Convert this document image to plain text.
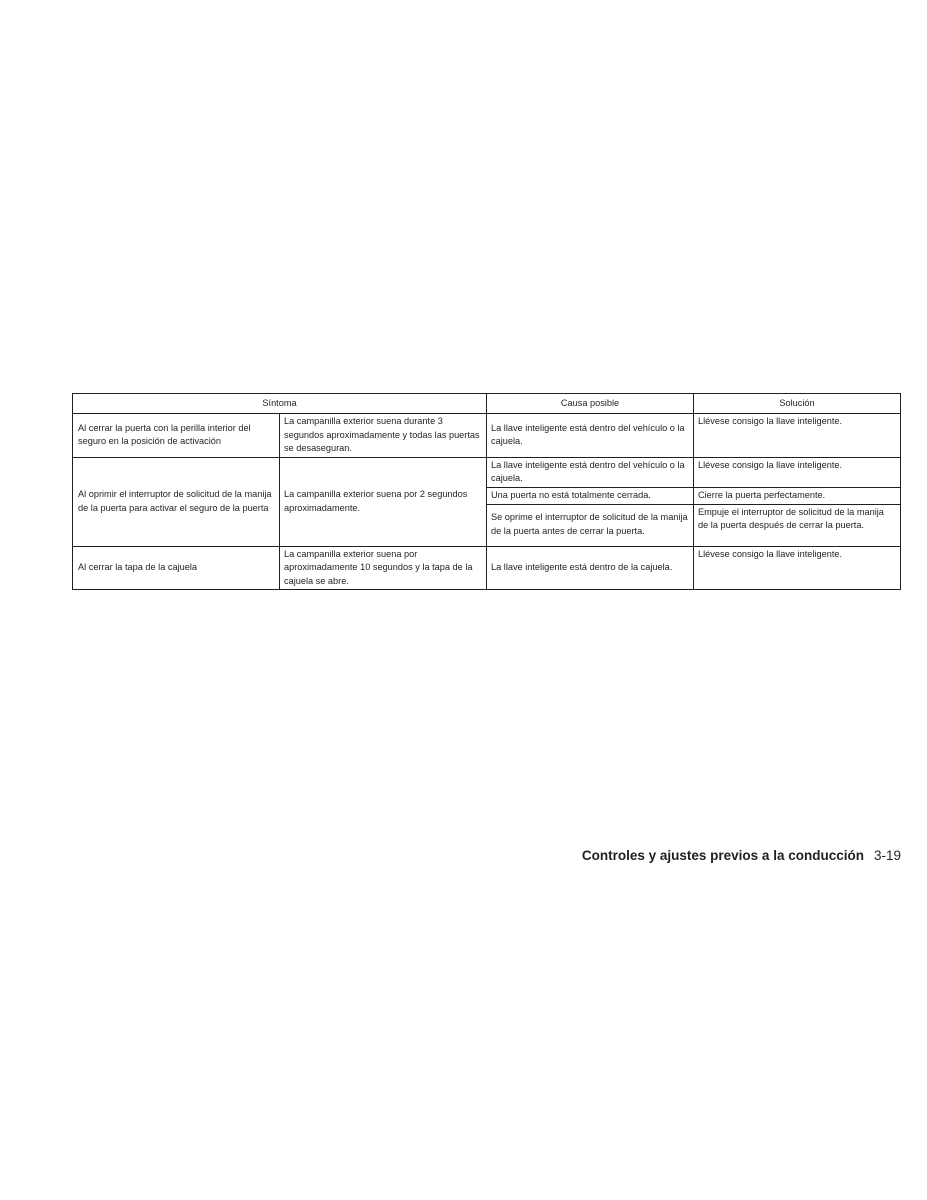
Síntoma		Causa posible	Solución
Al cerrar la puerta con la perilla interior del seguro en la posición de activación	La campanilla exterior suena durante 3 segundos aproximadamente y todas las puertas se desaseguran.	La llave inteligente está dentro del vehículo o la cajuela.	Llévese consigo la llave inteligente.
Al oprimir el interruptor de solicitud de la manija de la puerta para activar el seguro de la puerta	La campanilla exterior suena por 2 segundos aproximadamente.	La llave inteligente está dentro del vehículo o la cajuela.	Llévese consigo la llave inteligente.
		Una puerta no está totalmente cerrada.	Cierre la puerta perfectamente.
		Se oprime el interruptor de solicitud de la manija de la puerta antes de cerrar la puerta.	Empuje el interruptor de solicitud de la manija de la puerta después de cerrar la puerta.
Al cerrar la tapa de la cajuela	La campanilla exterior suena por aproximadamente 10 segundos y la tapa de la cajuela se abre.	La llave inteligente está dentro de la cajuela.	Llévese consigo la llave inteligente.
Controles y ajustes previos a la conducción 3-19
